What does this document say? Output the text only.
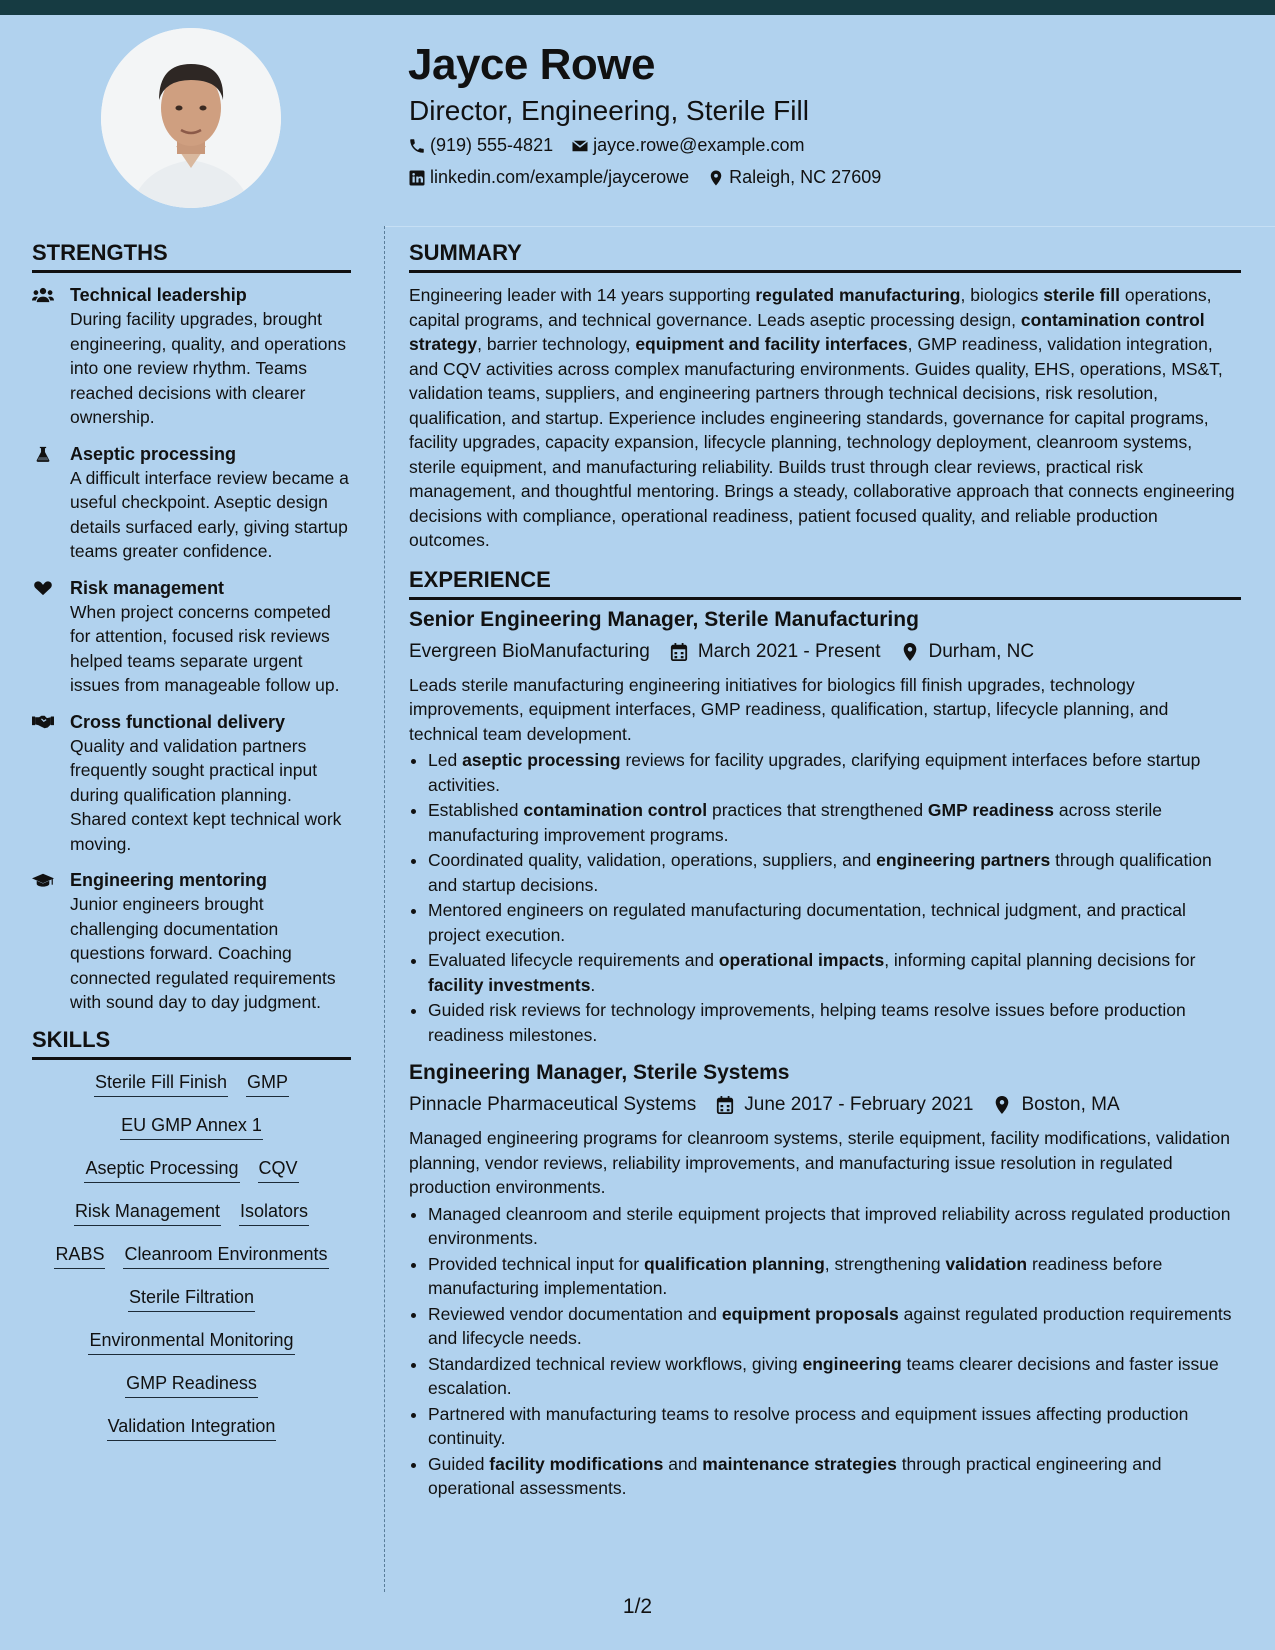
Jayce Rowe
Director, Engineering, Sterile Fill
(919) 555-4821 jayce.rowe@example.com
linkedin.com/example/jaycerowe Raleigh, NC 27609
STRENGTHS
Technical leadership
During facility upgrades, brought engineering, quality, and operations into one review rhythm. Teams reached decisions with clearer ownership.
Aseptic processing
A difficult interface review became a useful checkpoint. Aseptic design details surfaced early, giving startup teams greater confidence.
Risk management
When project concerns competed for attention, focused risk reviews helped teams separate urgent issues from manageable follow up.
Cross functional delivery
Quality and validation partners frequently sought practical input during qualification planning. Shared context kept technical work moving.
Engineering mentoring
Junior engineers brought challenging documentation questions forward. Coaching connected regulated requirements with sound day to day judgment.
SKILLS
Sterile Fill Finish GMP
EU GMP Annex 1
Aseptic Processing CQV
Risk Management Isolators
RABS Cleanroom Environments
Sterile Filtration
Environmental Monitoring
GMP Readiness
Validation Integration
SUMMARY

Engineering leader with 14 years supporting regulated manufacturing, biologics sterile fill operations, capital programs, and technical governance. Leads aseptic processing design, contamination control strategy, barrier technology, equipment and facility interfaces, GMP readiness, validation integration, and CQV activities across complex manufacturing environments. Guides quality, EHS, operations, MS&T, validation teams, suppliers, and engineering partners through technical decisions, risk resolution, qualification, and startup. Experience includes engineering standards, governance for capital programs, facility upgrades, capacity expansion, lifecycle planning, technology deployment, cleanroom systems, sterile equipment, and manufacturing reliability. Builds trust through clear reviews, practical risk management, and thoughtful mentoring. Brings a steady, collaborative approach that connects engineering decisions with compliance, operational readiness, patient focused quality, and reliable production outcomes.

EXPERIENCE
Senior Engineering Manager, Sterile Manufacturing
Evergreen BioManufacturing	March 2021 - Present	Durham, NC

Leads sterile manufacturing engineering initiatives for biologics fill finish upgrades, technology improvements, equipment interfaces, GMP readiness, qualification, startup, lifecycle planning, and technical team development.

• Led aseptic processing reviews for facility upgrades, clarifying equipment interfaces before startup activities.
• Established contamination control practices that strengthened GMP readiness across sterile manufacturing improvement programs.
• Coordinated quality, validation, operations, suppliers, and engineering partners through qualification and startup decisions.
• Mentored engineers on regulated manufacturing documentation, technical judgment, and practical project execution.
• Evaluated lifecycle requirements and operational impacts, informing capital planning decisions for facility investments.
• Guided risk reviews for technology improvements, helping teams resolve issues before production readiness milestones.
Engineering Manager, Sterile Systems
Pinnacle Pharmaceutical Systems	June 2017 - February 2021	Boston, MA

Managed engineering programs for cleanroom systems, sterile equipment, facility modifications, validation planning, vendor reviews, reliability improvements, and manufacturing issue resolution in regulated production environments.

• Managed cleanroom and sterile equipment projects that improved reliability across regulated production environments.
• Provided technical input for qualification planning, strengthening validation readiness before manufacturing implementation.
• Reviewed vendor documentation and equipment proposals against regulated production requirements and lifecycle needs.
• Standardized technical review workflows, giving engineering teams clearer decisions and faster issue escalation.
• Partnered with manufacturing teams to resolve process and equipment issues affecting production continuity.
• Guided facility modifications and maintenance strategies through practical engineering and operational assessments.
1/2
